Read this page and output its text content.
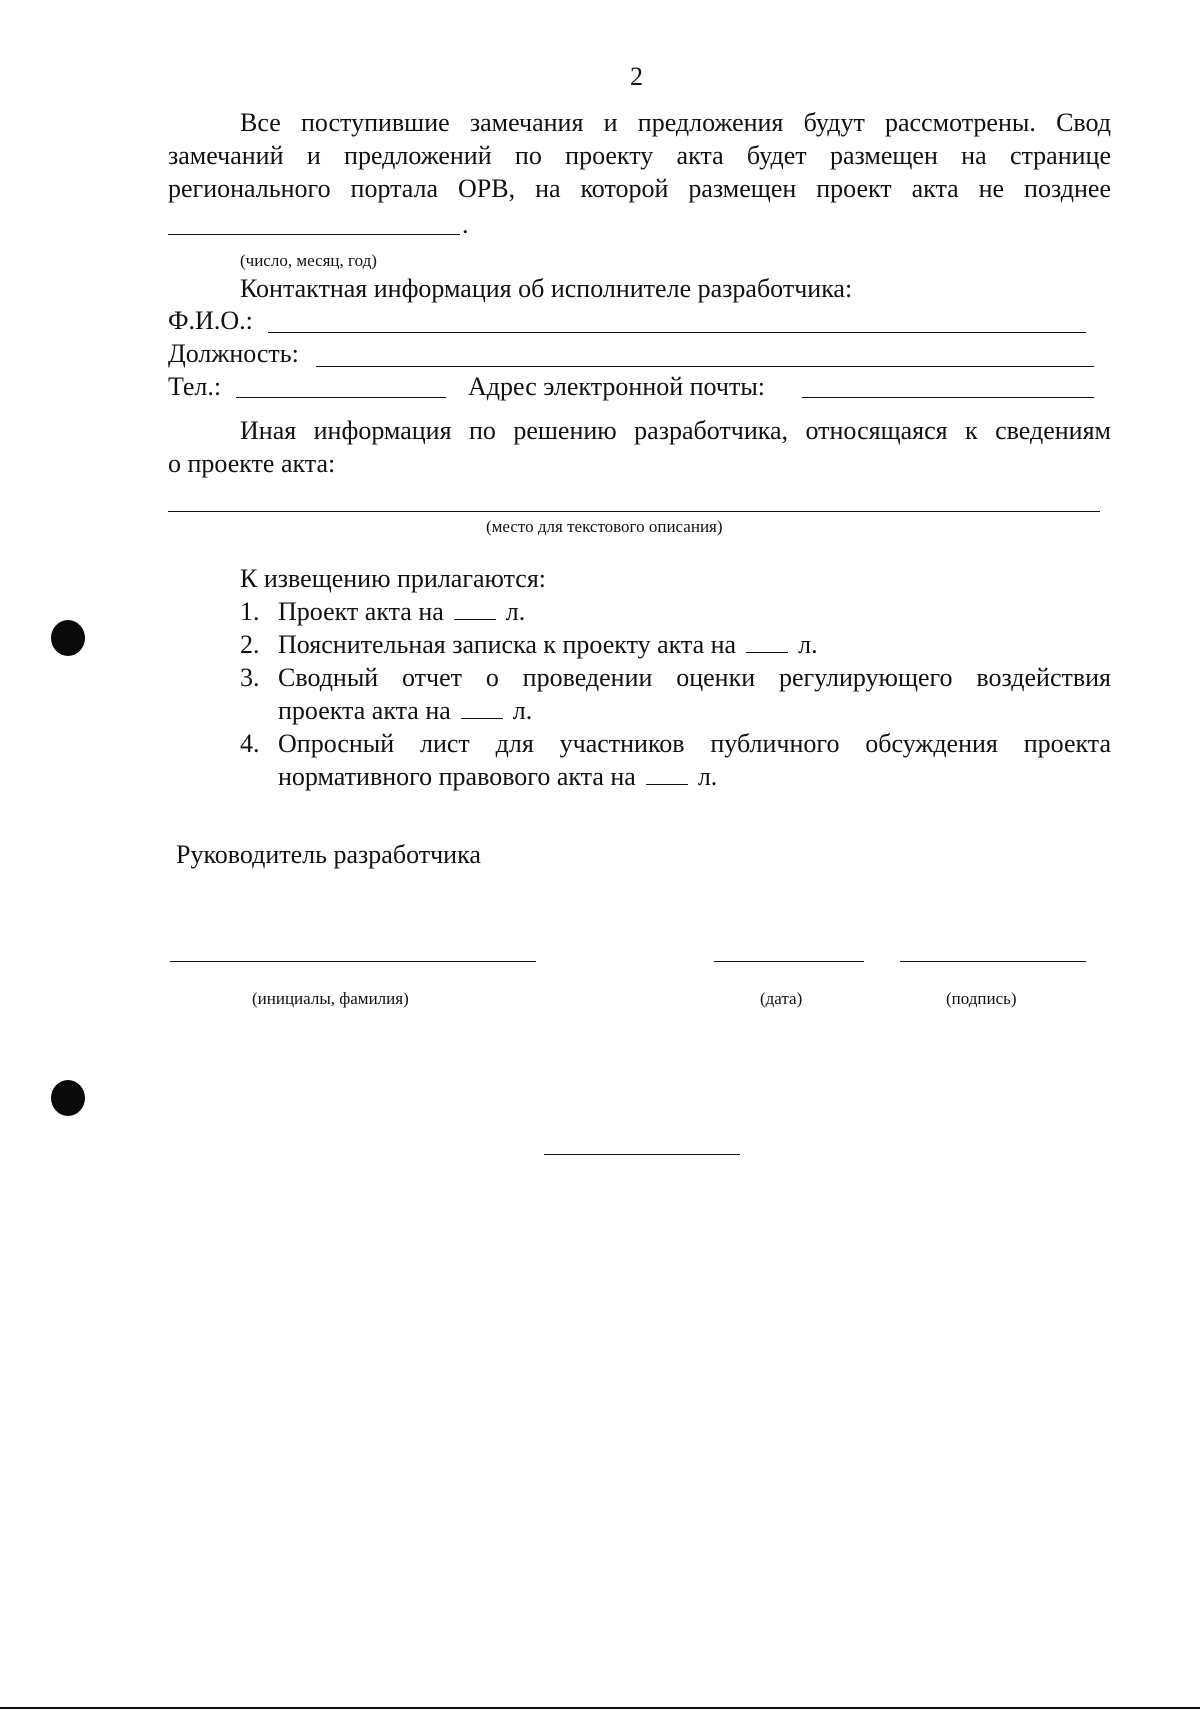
2
Все поступившие замечания и предложения будут рассмотрены. Свод
замечаний и предложений по проекту акта будет размещен на странице
регионального портала ОРВ, на которой размещен проект акта не позднее
.
(число, месяц, год)
Контактная информация об исполнителе разработчика:
Ф.И.О.:
Должность:
Тел.:	Адрес электронной почты:
Иная информация по решению разработчика, относящаяся к сведениям
о проекте акта:
(место для текстового описания)
К извещению прилагаются:
1. Проект акта на л.
2. Пояснительная записка к проекту акта на л.
3. Сводный отчет о проведении оценки регулирующего воздействия
проекта акта на л.
4. Опросный лист для участников публичного обсуждения проекта
нормативного правового акта на л.
Руководитель разработчика
(инициалы, фамилия)	(дата)	(подпись)
